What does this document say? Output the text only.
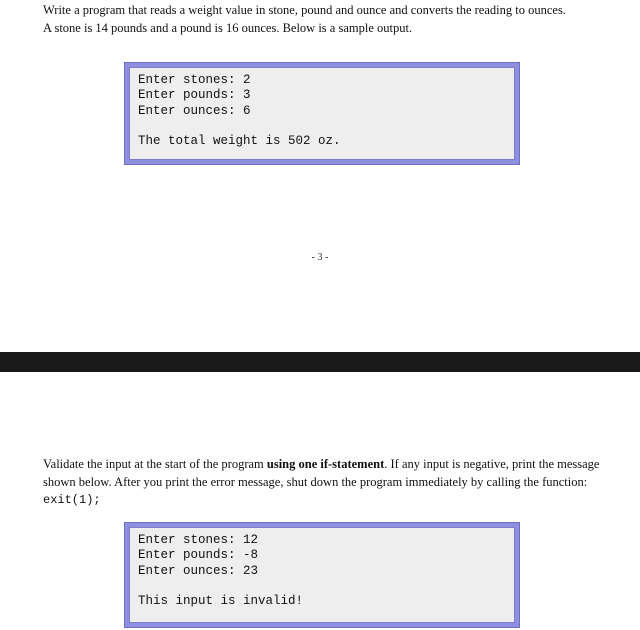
Write a program that reads a weight value in stone, pound and ounce and converts the reading to ounces.
A stone is 14 pounds and a pound is 16 ounces. Below is a sample output.

Enter stones: 2
Enter pounds: 3
Enter ounces: 6
The total weight is 502 oz.
- 3 -

Validate the input at the start of the program using one if-statement. If any input is negative, print the message shown below. After you print the error message, shut down the program immediately by calling the function: exit(1);

Enter stones: 12
Enter pounds: -8
Enter ounces: 23
This input is invalid!
